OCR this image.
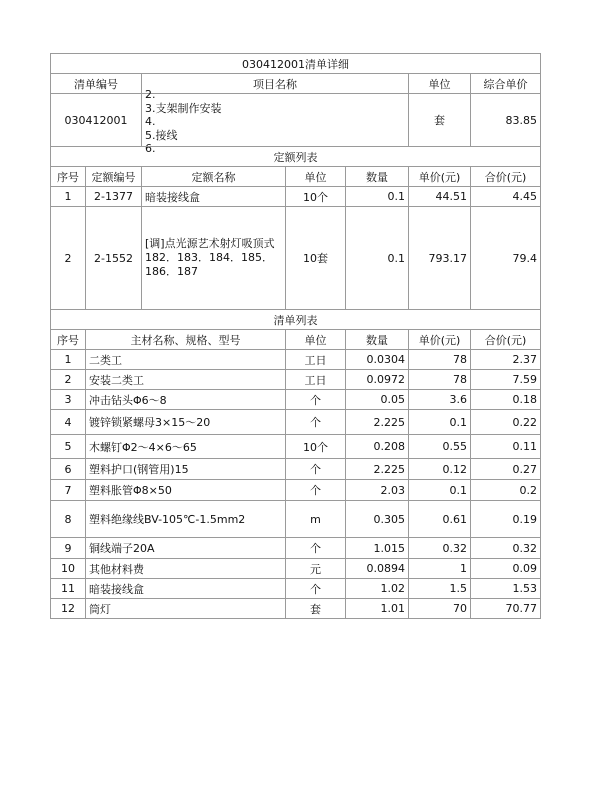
030412001清单详细			
清单编号	项目名称	单位	综合单价
030412001	2.
3.支架制作安装
4.
5.接线
6.	套	83.85
定额列表						
序号	定额编号	定额名称	单位	数量	单价(元)	合价(元)
1	2-1377	暗装接线盒	10个	0.1	44.51	4.45
2	2-1552	[调]点光源艺术射灯吸顶式182．183．184．185．186．187	10套	0.1	793.17	79.4
清单列表					
序号	主材名称、规格、型号	单位	数量	单价(元)	合价(元)
1	二类工	工日	0.0304	78	2.37
2	安装二类工	工日	0.0972	78	7.59
3	冲击钻头Φ6～8	个	0.05	3.6	0.18
4	镀锌锁紧螺母3×15～20	个	2.225	0.1	0.22
5	木螺钉Φ2～4×6～65	10个	0.208	0.55	0.11
6	塑料护口(钢管用)15	个	2.225	0.12	0.27
7	塑料胀管Φ8×50	个	2.03	0.1	0.2
8	塑料绝缘线BV-105℃-1.5mm2	m	0.305	0.61	0.19
9	铜线端子20A	个	1.015	0.32	0.32
10	其他材料费	元	0.0894	1	0.09
11	暗装接线盒	个	1.02	1.5	1.53
12	筒灯	套	1.01	70	70.77
